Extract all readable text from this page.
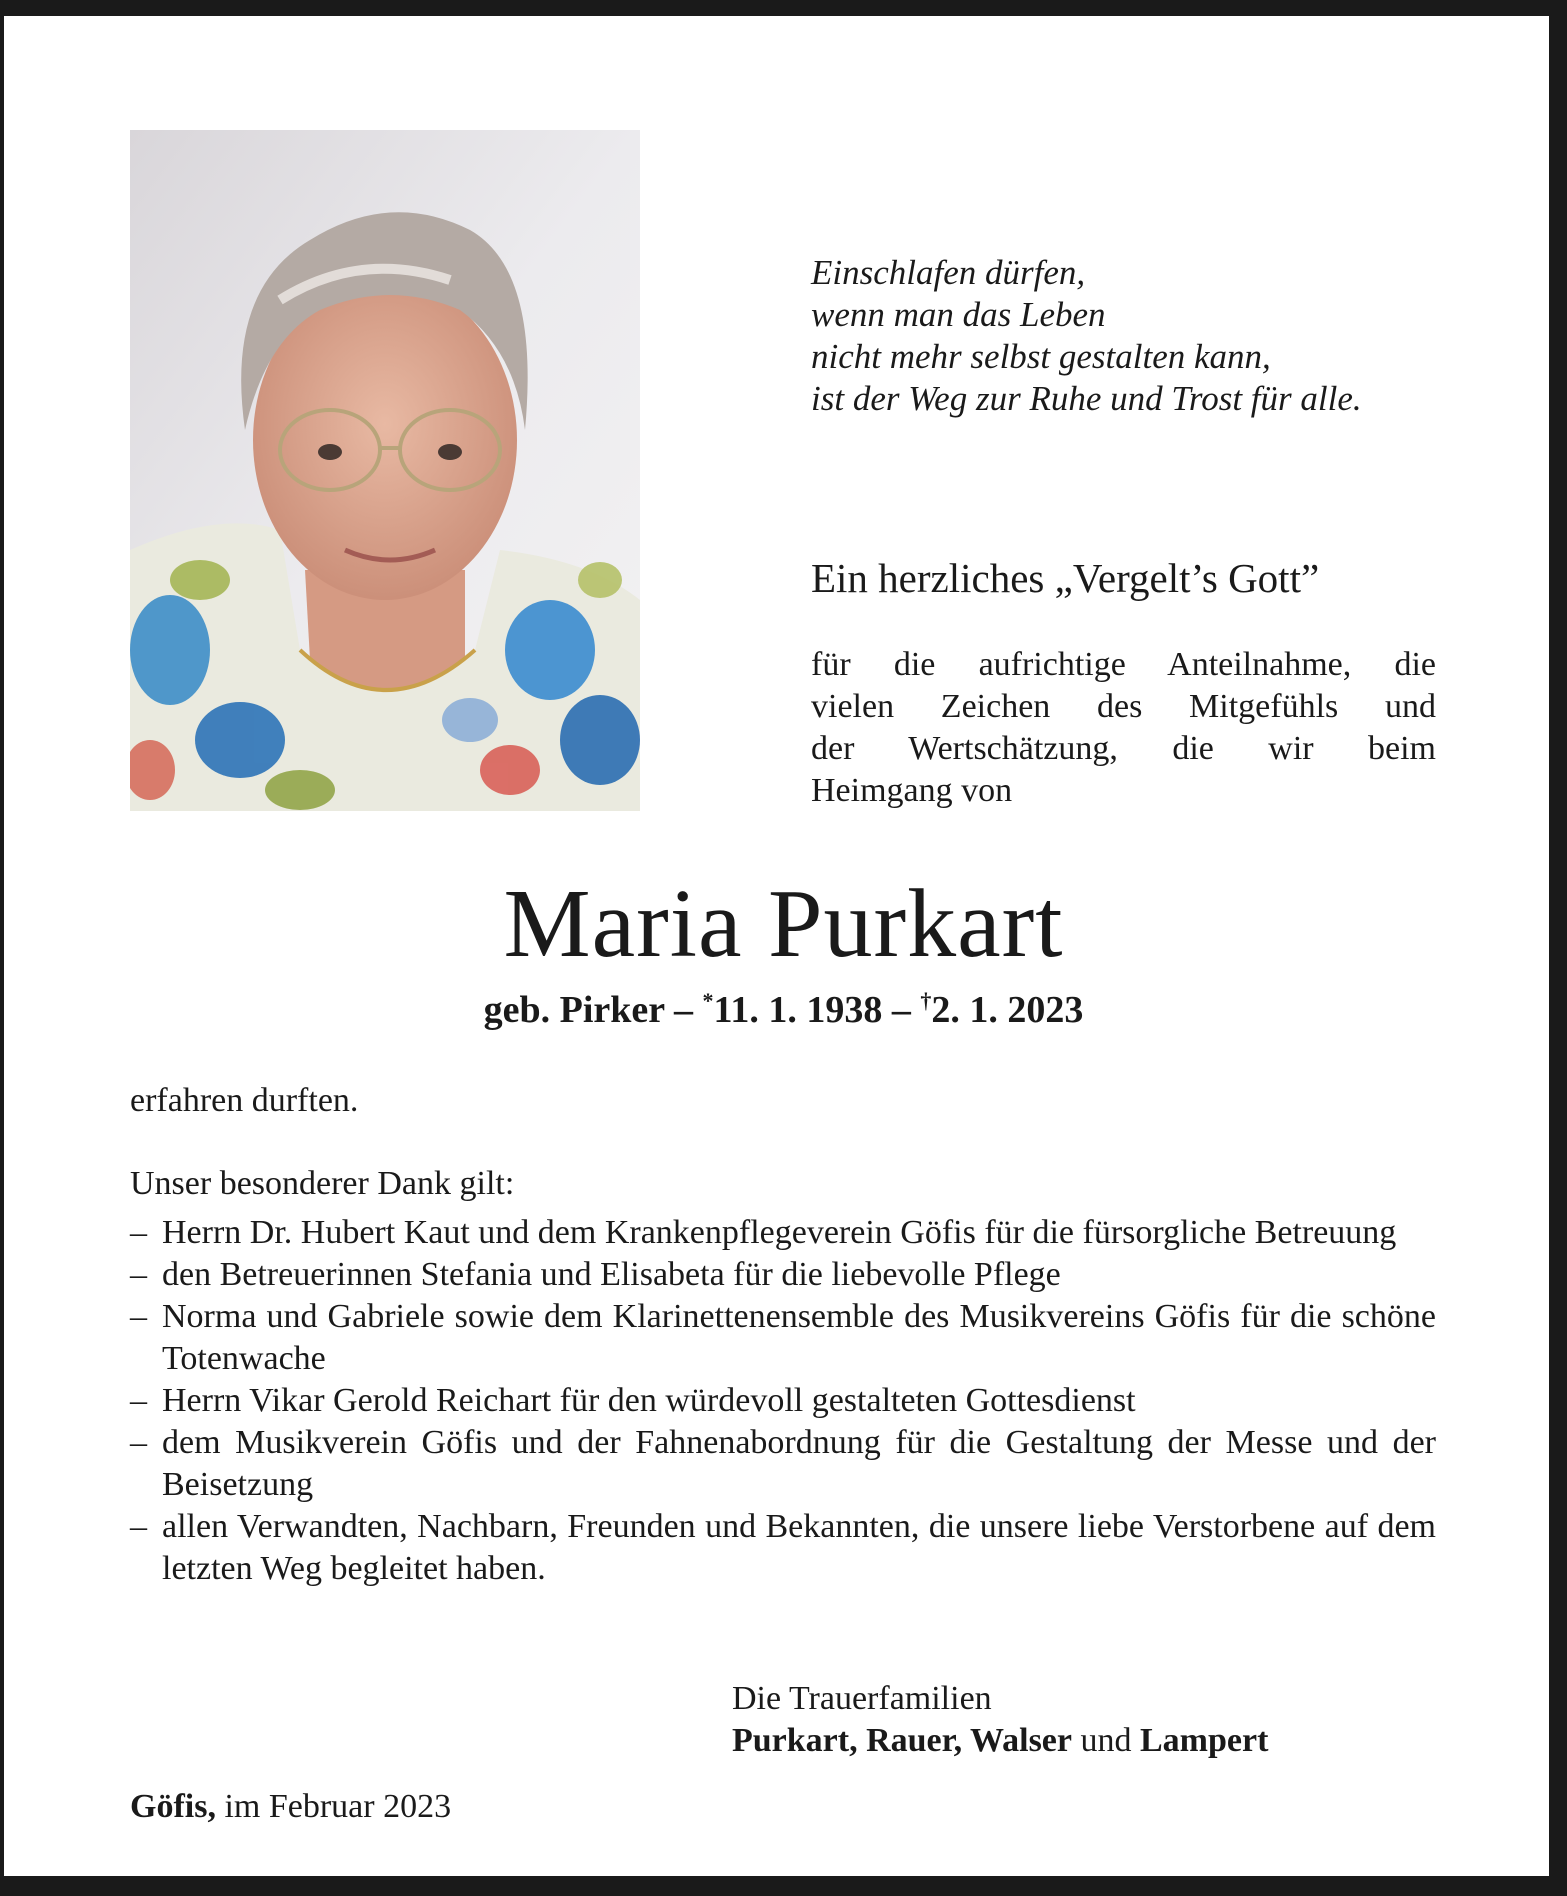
Einschlafen dürfen,
wenn man das Leben
nicht mehr selbst gestalten kann,
ist der Weg zur Ruhe und Trost für alle.
Ein herzliches „Vergelt’s Gott”
für die aufrichtige Anteilnahme, die
vielen Zeichen des Mitgefühls und
der Wertschätzung, die wir beim
Heimgang von
Maria Purkart
geb. Pirker – *11. 1. 1938 – †2. 1. 2023
erfahren durften.
Unser besonderer Dank gilt:
– Herrn Dr. Hubert Kaut und dem Krankenpflegeverein Göfis für die fürsorgliche Betreuung
– den Betreuerinnen Stefania und Elisabeta für die liebevolle Pflege
– Norma und Gabriele sowie dem Klarinettenensemble des Musikvereins Göfis für die schöne Totenwache
– Herrn Vikar Gerold Reichart für den würdevoll gestalteten Gottesdienst
– dem Musikverein Göfis und der Fahnenabordnung für die Gestaltung der Messe und der Beisetzung
– allen Verwandten, Nachbarn, Freunden und Bekannten, die unsere liebe Verstorbene auf dem letzten Weg begleitet haben.
Die Trauerfamilien
Purkart, Rauer, Walser und Lampert
Göfis, im Februar 2023
